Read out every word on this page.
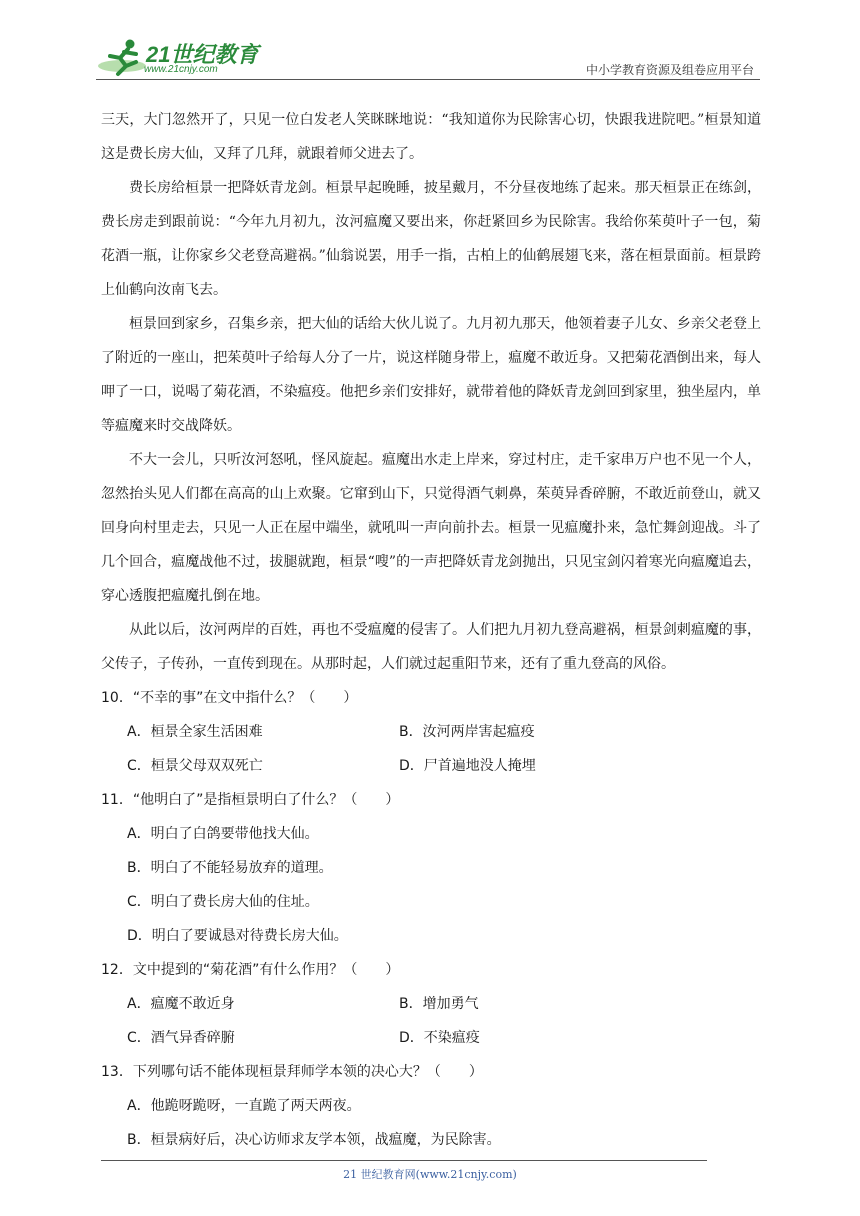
21世纪教育
www.21cnjy.com	中小学教育资源及组卷应用平台

三天，大门忽然开了，只见一位白发老人笑眯眯地说：“我知道你为民除害心切，快跟我进院吧。”桓景知道这是费长房大仙，又拜了几拜，就跟着师父进去了。

费长房给桓景一把降妖青龙剑。桓景早起晚睡，披星戴月，不分昼夜地练了起来。那天桓景正在练剑，费长房走到跟前说：“今年九月初九，汝河瘟魔又要出来，你赶紧回乡为民除害。我给你茱萸叶子一包，菊花酒一瓶，让你家乡父老登高避祸。”仙翁说罢，用手一指，古柏上的仙鹤展翅飞来，落在桓景面前。桓景跨上仙鹤向汝南飞去。

桓景回到家乡，召集乡亲，把大仙的话给大伙儿说了。九月初九那天，他领着妻子儿女、乡亲父老登上了附近的一座山，把茱萸叶子给每人分了一片，说这样随身带上，瘟魔不敢近身。又把菊花酒倒出来，每人呷了一口，说喝了菊花酒，不染瘟疫。他把乡亲们安排好，就带着他的降妖青龙剑回到家里，独坐屋内，单等瘟魔来时交战降妖。

不大一会儿，只听汝河怒吼，怪风旋起。瘟魔出水走上岸来，穿过村庄，走千家串万户也不见一个人，忽然抬头见人们都在高高的山上欢聚。它窜到山下，只觉得酒气刺鼻，茱萸异香碎腑，不敢近前登山，就又回身向村里走去，只见一人正在屋中端坐，就吼叫一声向前扑去。桓景一见瘟魔扑来，急忙舞剑迎战。斗了几个回合，瘟魔战他不过，拔腿就跑，桓景“嗖”的一声把降妖青龙剑抛出，只见宝剑闪着寒光向瘟魔追去，穿心透腹把瘟魔扎倒在地。

从此以后，汝河两岸的百姓，再也不受瘟魔的侵害了。人们把九月初九登高避祸，桓景剑刺瘟魔的事，父传子，子传孙，一直传到现在。从那时起，人们就过起重阳节来，还有了重九登高的风俗。

10．“不幸的事”在文中指什么？（　　）

A．桓景全家生活困难	B．汝河两岸害起瘟疫
C．桓景父母双双死亡	D．尸首遍地没人掩埋

11．“他明白了”是指桓景明白了什么？（　　）

A．明白了白鸽要带他找大仙。
B．明白了不能轻易放弃的道理。
C．明白了费长房大仙的住址。
D．明白了要诚恳对待费长房大仙。

12．文中提到的“菊花酒”有什么作用？（　　）

A．瘟魔不敢近身	B．增加勇气
C．酒气异香碎腑	D．不染瘟疫

13．下列哪句话不能体现桓景拜师学本领的决心大？（　　）

A．他跪呀跪呀，一直跪了两天两夜。
B．桓景病好后，决心访师求友学本领，战瘟魔，为民除害。
21 世纪教育网(www.21cnjy.com)
